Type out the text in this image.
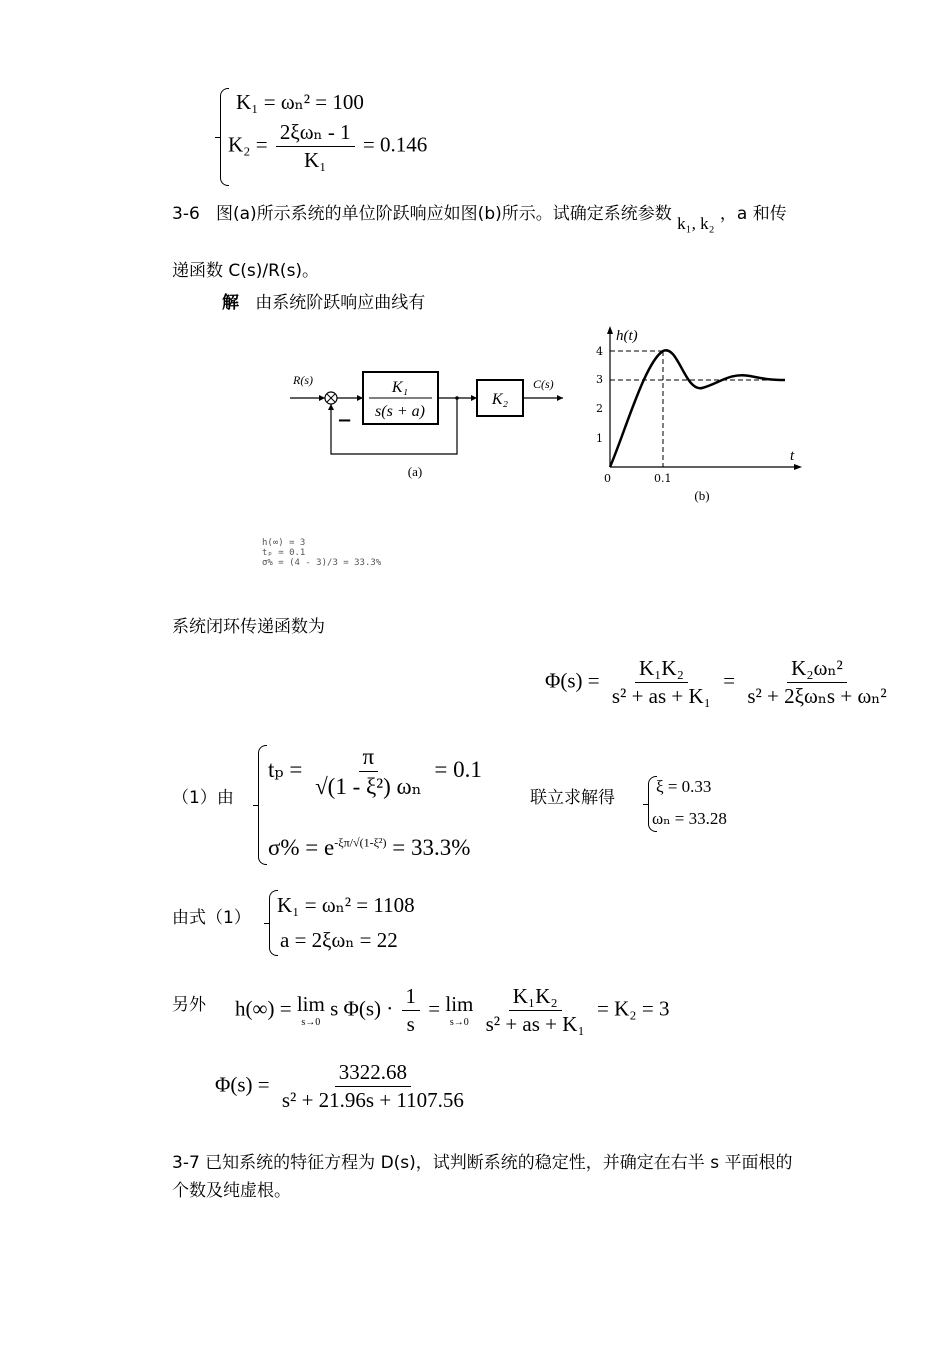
K₁ = ωₙ² = 100
$K_2 = \frac{\text{2ξωₙ - 1}}{\text{K₁}} = 0.146$
3-6 图(a)所示系统的单位阶跃响应如图(b)所示。试确定系统参数 k₁, k₂ ，a 和传
递函数 C(s)/R(s)。
解 由系统阶跃响应曲线有
R(s)	K₁
s(s + a)
K₂
C(s)
−
(a)
h(t)
t
4
3
2
1
0	0.1
(b)
h(∞) = 3
tₚ = 0.1
σ% = (4 - 3)/3 = 33.3%
系统闭环传递函数为
$\Phi(s) = \frac{\text{K₁K₂}}{\text{s² + as + K₁}} = \frac{\text{K₂ωₙ²}}{\text{s² + 2ξωₙs + ωₙ²}}$
（1）由
$t_p = \frac{\pi}{\text{√(1 - ξ²) ωₙ}} = 0.1$
$\sigma\% = e^{-\xi\pi/√(1-\xi^2)} = 33.3\%$
联立求解得
ξ = 0.33
ωₙ = 33.28
由式（1）
K₁ = ωₙ² = 1108
a = 2ξωₙ = 22
另外 h(∞) = lim
s→0
s $\Phi(s) \cdot \frac{1}{s} = \lim$
s→0
$\frac{\text{K₁K₂}}{\text{s² + as + K₁}} = K_2 = 3$
$\Phi(s) = \frac{3322.68}{\text{s² + 21.96s + 1107.56}}$
3-7 已知系统的特征方程为 D(s)，试判断系统的稳定性，并确定在右半 s 平面根的
个数及纯虚根。
